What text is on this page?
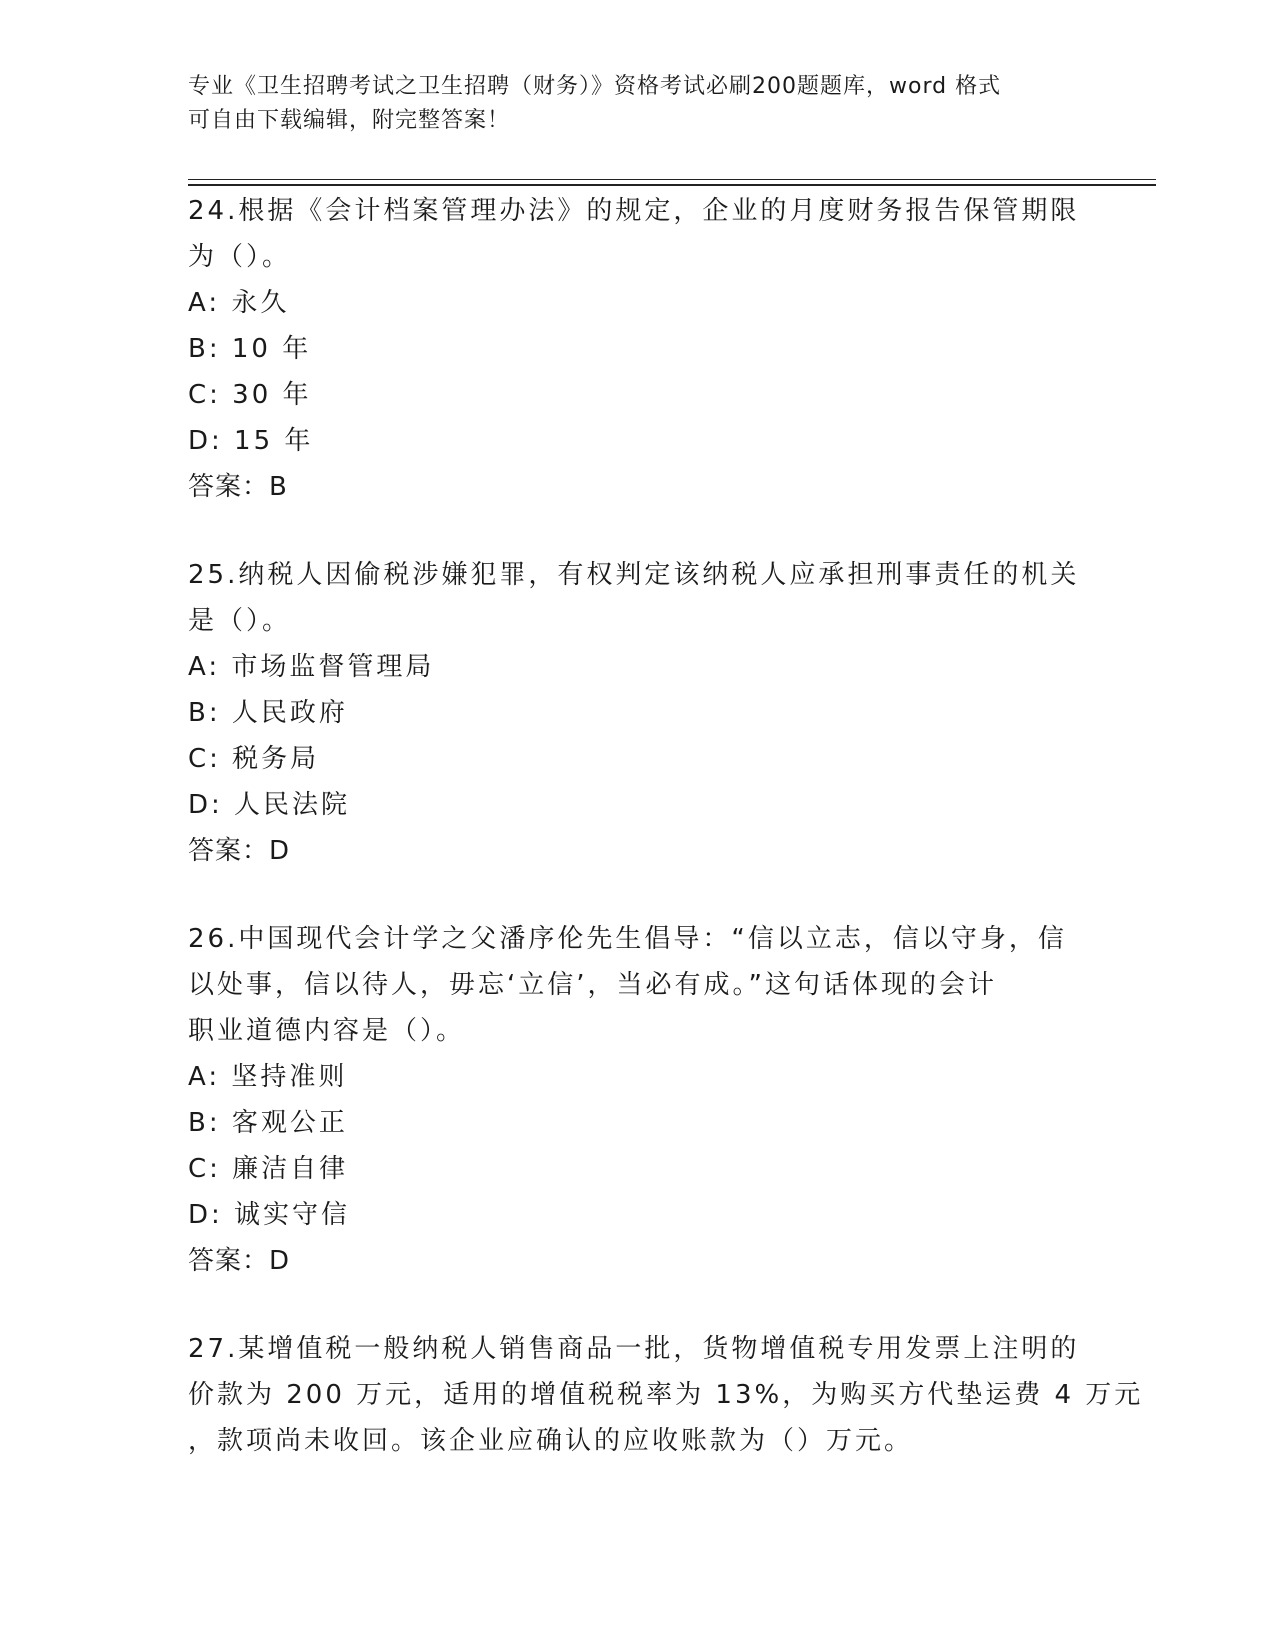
专业《卫生招聘考试之卫生招聘（财务）》资格考试必刷200题题库，word 格式
可自由下载编辑，附完整答案！
24.根据《会计档案管理办法》的规定，企业的月度财务报告保管期限
为（）。
A: 永久
B: 10 年
C: 30 年
D: 15 年
答案：B
25.纳税人因偷税涉嫌犯罪，有权判定该纳税人应承担刑事责任的机关
是（）。
A: 市场监督管理局
B: 人民政府
C: 税务局
D: 人民法院
答案：D
26.中国现代会计学之父潘序伦先生倡导：“信以立志，信以守身，信
以处事，信以待人，毋忘‘立信’，当必有成。”这句话体现的会计
职业道德内容是（）。
A: 坚持准则
B: 客观公正
C: 廉洁自律
D: 诚实守信
答案：D
27.某增值税一般纳税人销售商品一批，货物增值税专用发票上注明的
价款为 200 万元，适用的增值税税率为 13%，为购买方代垫运费 4 万元
，款项尚未收回。该企业应确认的应收账款为（）万元。
